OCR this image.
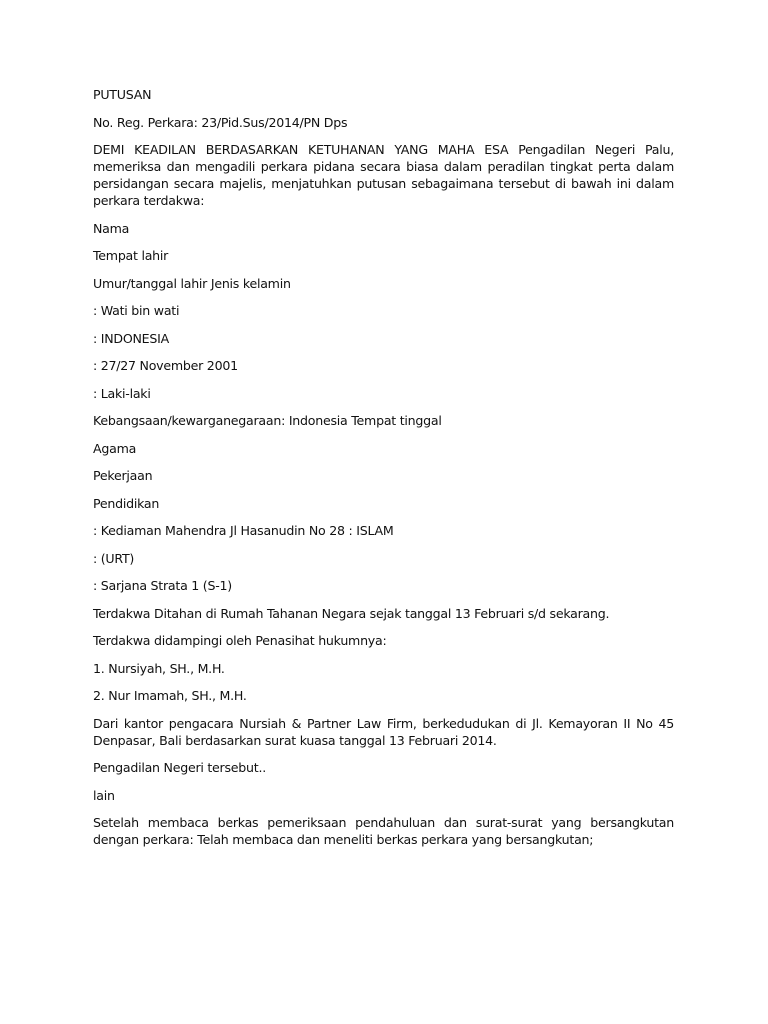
PUTUSAN

No. Reg. Perkara: 23/Pid.Sus/2014/PN Dps

DEMI KEADILAN BERDASARKAN KETUHANAN YANG MAHA ESA Pengadilan Negeri Palu, memeriksa dan mengadili perkara pidana secara biasa dalam peradilan tingkat perta dalam persidangan secara majelis, menjatuhkan putusan sebagaimana tersebut di bawah ini dalam perkara terdakwa:

Nama

Tempat lahir

Umur/tanggal lahir Jenis kelamin

: Wati bin wati

: INDONESIA

: 27/27 November 2001

: Laki-laki

Kebangsaan/kewarganegaraan: Indonesia Tempat tinggal

Agama

Pekerjaan

Pendidikan

: Kediaman Mahendra Jl Hasanudin No 28 : ISLAM

: (URT)

: Sarjana Strata 1 (S-1)

Terdakwa Ditahan di Rumah Tahanan Negara sejak tanggal 13 Februari s/d sekarang.

Terdakwa didampingi oleh Penasihat hukumnya:

1. Nursiyah, SH., M.H.

2. Nur Imamah, SH., M.H.

Dari kantor pengacara Nursiah & Partner Law Firm, berkedudukan di Jl. Kemayoran II No 45 Denpasar, Bali berdasarkan surat kuasa tanggal 13 Februari 2014.

Pengadilan Negeri tersebut..

lain

Setelah membaca berkas pemeriksaan pendahuluan dan surat-surat yang bersangkutan dengan perkara: Telah membaca dan meneliti berkas perkara yang bersangkutan;
